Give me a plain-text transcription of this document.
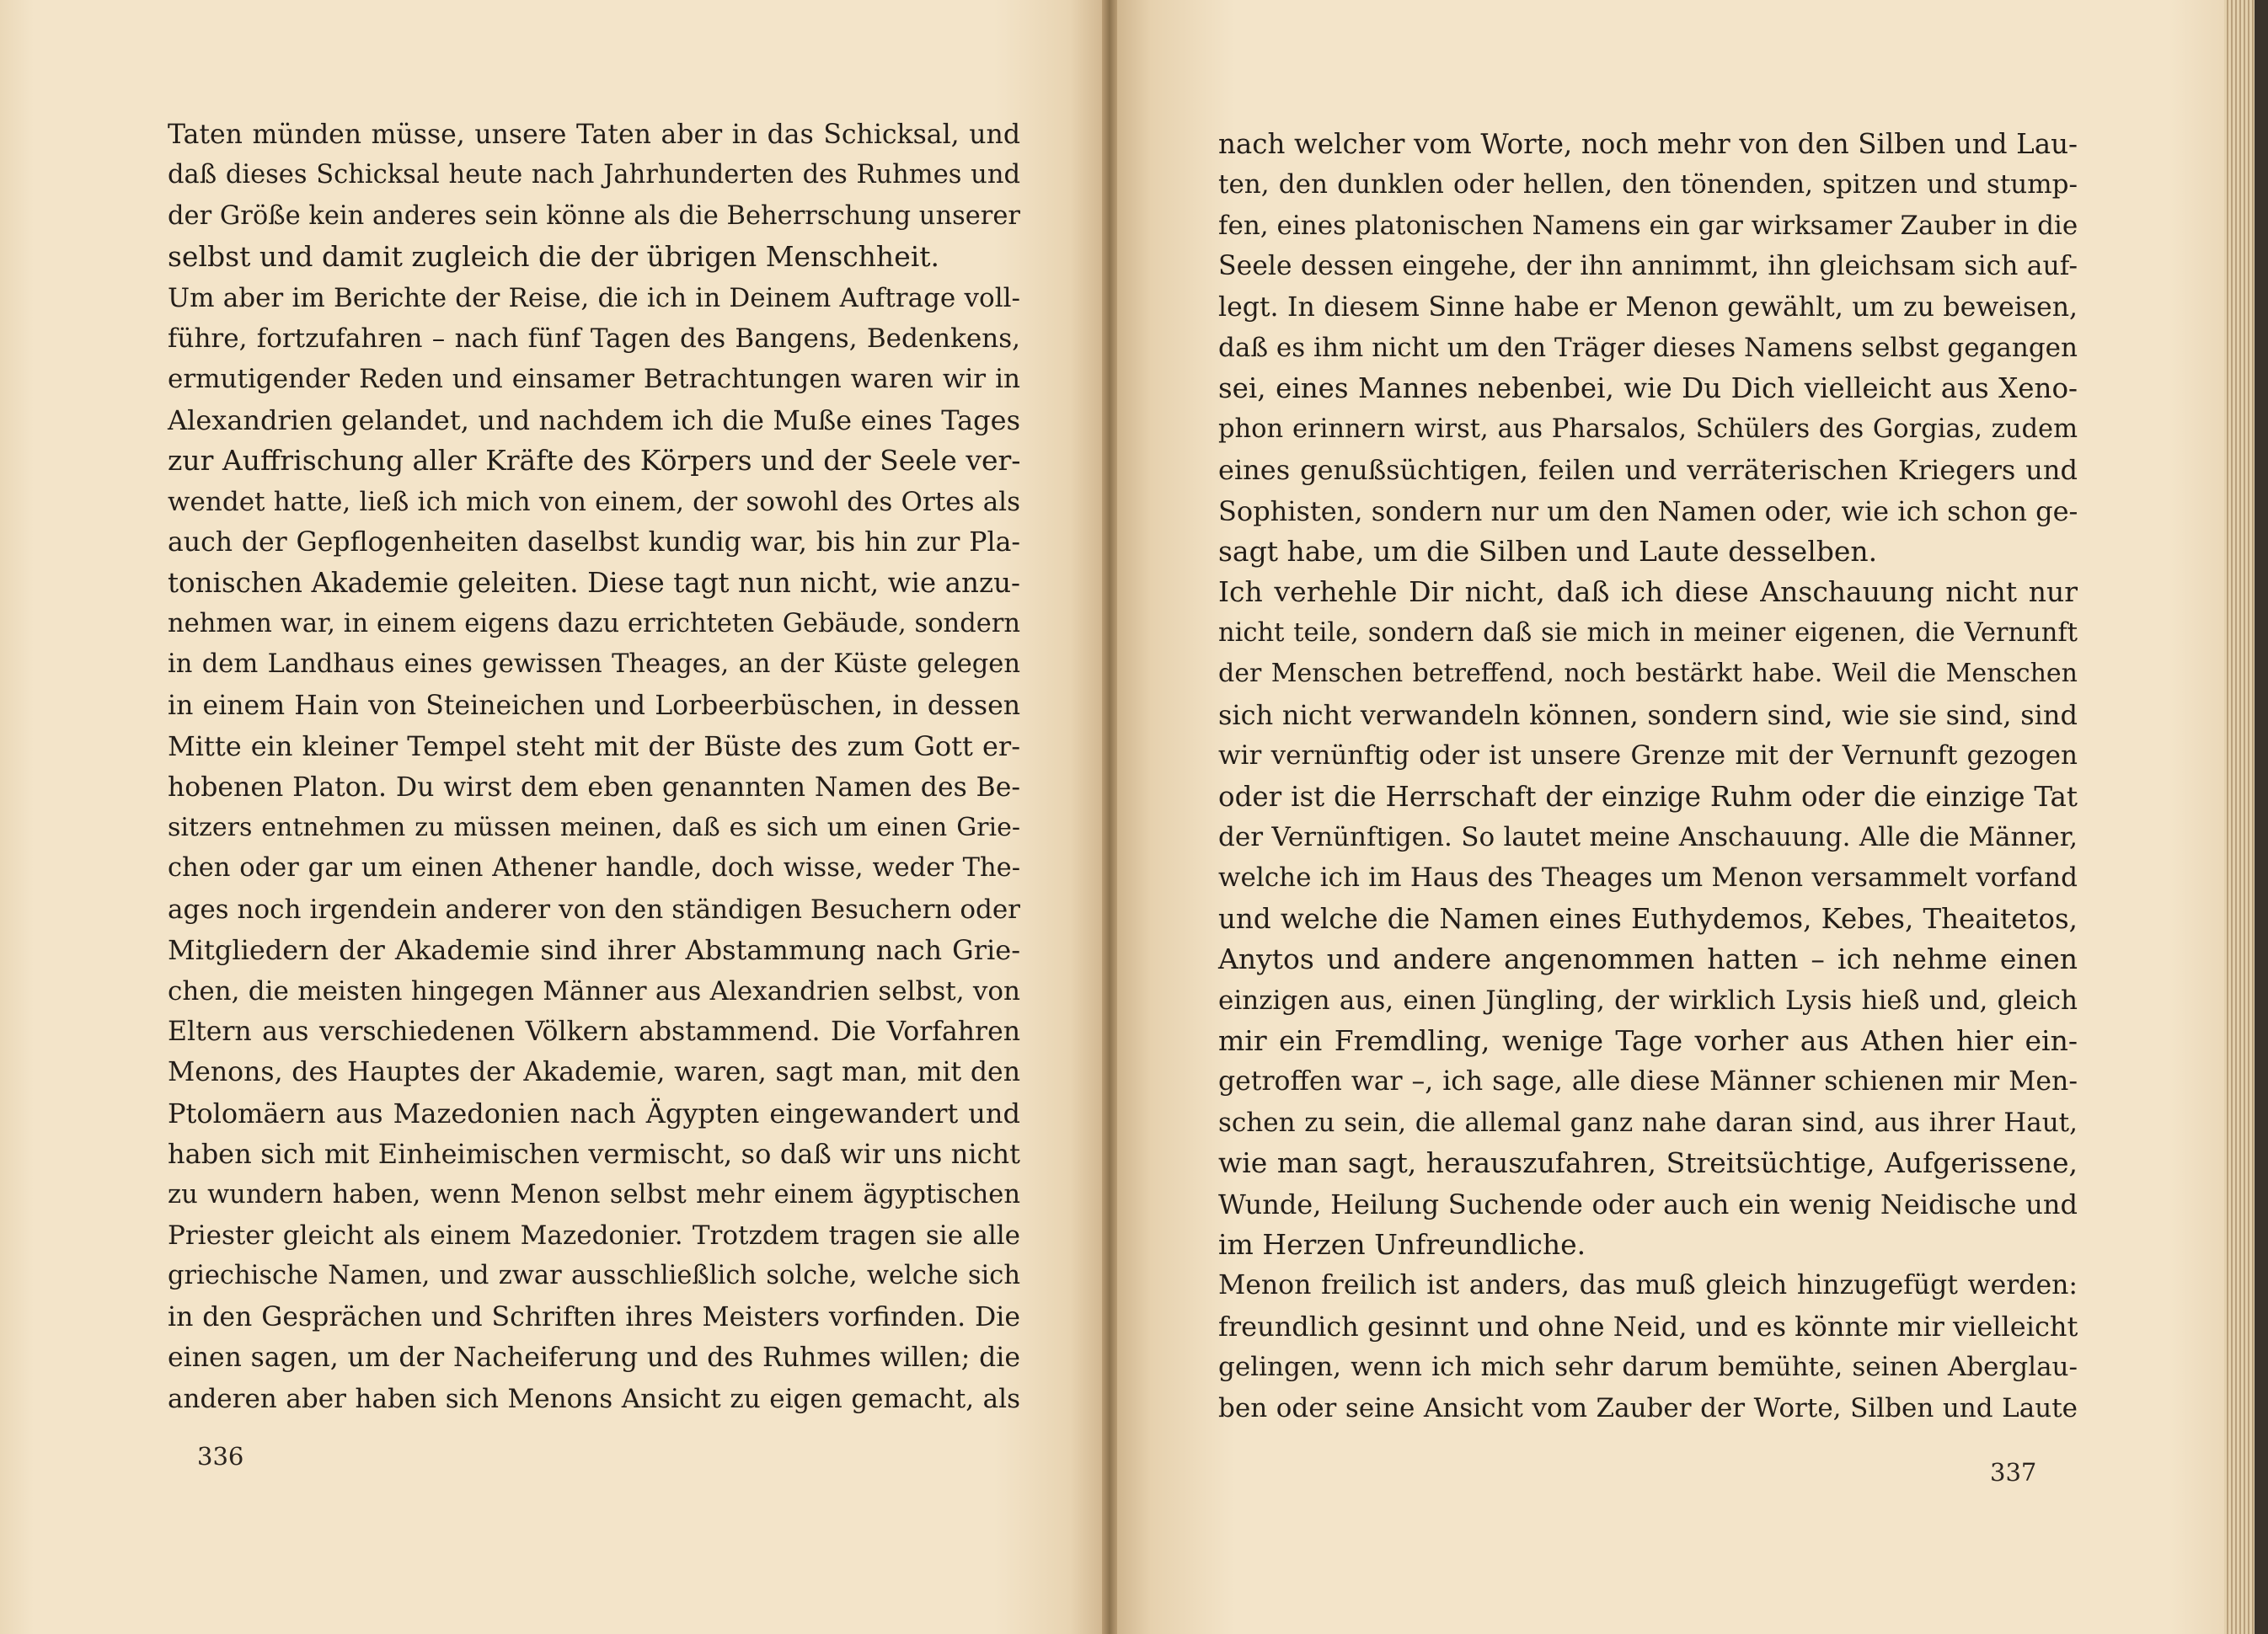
Taten münden müsse, unsere Taten aber in das Schicksal, und
daß dieses Schicksal heute nach Jahrhunderten des Ruhmes und
der Größe kein anderes sein könne als die Beherrschung unserer
selbst und damit zugleich die der übrigen Menschheit.
Um aber im Berichte der Reise, die ich in Deinem Auftrage voll-
führe, fortzufahren – nach fünf Tagen des Bangens, Bedenkens,
ermutigender Reden und einsamer Betrachtungen waren wir in
Alexandrien gelandet, und nachdem ich die Muße eines Tages
zur Auffrischung aller Kräfte des Körpers und der Seele ver-
wendet hatte, ließ ich mich von einem, der sowohl des Ortes als
auch der Gepflogenheiten daselbst kundig war, bis hin zur Pla-
tonischen Akademie geleiten. Diese tagt nun nicht, wie anzu-
nehmen war, in einem eigens dazu errichteten Gebäude, sondern
in dem Landhaus eines gewissen Theages, an der Küste gelegen
in einem Hain von Steineichen und Lorbeerbüschen, in dessen
Mitte ein kleiner Tempel steht mit der Büste des zum Gott er-
hobenen Platon. Du wirst dem eben genannten Namen des Be-
sitzers entnehmen zu müssen meinen, daß es sich um einen Grie-
chen oder gar um einen Athener handle, doch wisse, weder The-
ages noch irgendein anderer von den ständigen Besuchern oder
Mitgliedern der Akademie sind ihrer Abstammung nach Grie-
chen, die meisten hingegen Männer aus Alexandrien selbst, von
Eltern aus verschiedenen Völkern abstammend. Die Vorfahren
Menons, des Hauptes der Akademie, waren, sagt man, mit den
Ptolomäern aus Mazedonien nach Ägypten eingewandert und
haben sich mit Einheimischen vermischt, so daß wir uns nicht
zu wundern haben, wenn Menon selbst mehr einem ägyptischen
Priester gleicht als einem Mazedonier. Trotzdem tragen sie alle
griechische Namen, und zwar ausschließlich solche, welche sich
in den Gesprächen und Schriften ihres Meisters vorfinden. Die
einen sagen, um der Nacheiferung und des Ruhmes willen; die
anderen aber haben sich Menons Ansicht zu eigen gemacht, als
336
nach welcher vom Worte, noch mehr von den Silben und Lau-
ten, den dunklen oder hellen, den tönenden, spitzen und stump-
fen, eines platonischen Namens ein gar wirksamer Zauber in die
Seele dessen eingehe, der ihn annimmt, ihn gleichsam sich auf-
legt. In diesem Sinne habe er Menon gewählt, um zu beweisen,
daß es ihm nicht um den Träger dieses Namens selbst gegangen
sei, eines Mannes nebenbei, wie Du Dich vielleicht aus Xeno-
phon erinnern wirst, aus Pharsalos, Schülers des Gorgias, zudem
eines genußsüchtigen, feilen und verräterischen Kriegers und
Sophisten, sondern nur um den Namen oder, wie ich schon ge-
sagt habe, um die Silben und Laute desselben.
Ich verhehle Dir nicht, daß ich diese Anschauung nicht nur
nicht teile, sondern daß sie mich in meiner eigenen, die Vernunft
der Menschen betreffend, noch bestärkt habe. Weil die Menschen
sich nicht verwandeln können, sondern sind, wie sie sind, sind
wir vernünftig oder ist unsere Grenze mit der Vernunft gezogen
oder ist die Herrschaft der einzige Ruhm oder die einzige Tat
der Vernünftigen. So lautet meine Anschauung. Alle die Männer,
welche ich im Haus des Theages um Menon versammelt vorfand
und welche die Namen eines Euthydemos, Kebes, Theaitetos,
Anytos und andere angenommen hatten – ich nehme einen
einzigen aus, einen Jüngling, der wirklich Lysis hieß und, gleich
mir ein Fremdling, wenige Tage vorher aus Athen hier ein-
getroffen war –, ich sage, alle diese Männer schienen mir Men-
schen zu sein, die allemal ganz nahe daran sind, aus ihrer Haut,
wie man sagt, herauszufahren, Streitsüchtige, Aufgerissene,
Wunde, Heilung Suchende oder auch ein wenig Neidische und
im Herzen Unfreundliche.
Menon freilich ist anders, das muß gleich hinzugefügt werden:
freundlich gesinnt und ohne Neid, und es könnte mir vielleicht
gelingen, wenn ich mich sehr darum bemühte, seinen Aberglau-
ben oder seine Ansicht vom Zauber der Worte, Silben und Laute
337
